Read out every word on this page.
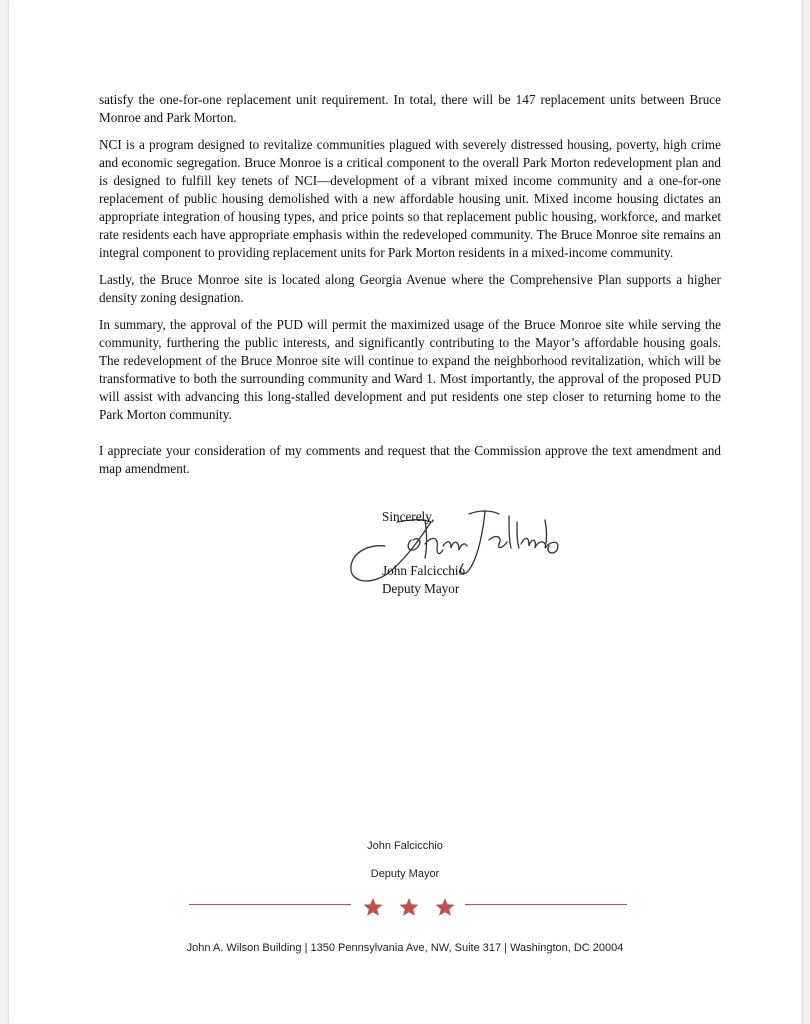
satisfy the one-for-one replacement unit requirement. In total, there will be 147 replacement units between Bruce Monroe and Park Morton.

NCI is a program designed to revitalize communities plagued with severely distressed housing, poverty, high crime and economic segregation. Bruce Monroe is a critical component to the overall Park Morton redevelopment plan and is designed to fulfill key tenets of NCI—development of a vibrant mixed income community and a one-for-one replacement of public housing demolished with a new affordable housing unit. Mixed income housing dictates an appropriate integration of housing types, and price points so that replacement public housing, workforce, and market rate residents each have appropriate emphasis within the redeveloped community. The Bruce Monroe site remains an integral component to providing replacement units for Park Morton residents in a mixed-income community.

Lastly, the Bruce Monroe site is located along Georgia Avenue where the Comprehensive Plan supports a higher density zoning designation.

In summary, the approval of the PUD will permit the maximized usage of the Bruce Monroe site while serving the community, furthering the public interests, and significantly contributing to the Mayor’s affordable housing goals. The redevelopment of the Bruce Monroe site will continue to expand the neighborhood revitalization, which will be transformative to both the surrounding community and Ward 1. Most importantly, the approval of the proposed PUD will assist with advancing this long-stalled development and put residents one step closer to returning home to the Park Morton community.

I appreciate your consideration of my comments and request that the Commission approve the text amendment and map amendment.

Sincerely,
John Falcicchio
Deputy Mayor
John Falcicchio
Deputy Mayor
John A. Wilson Building | 1350 Pennsylvania Ave, NW, Suite 317 | Washington, DC 20004
